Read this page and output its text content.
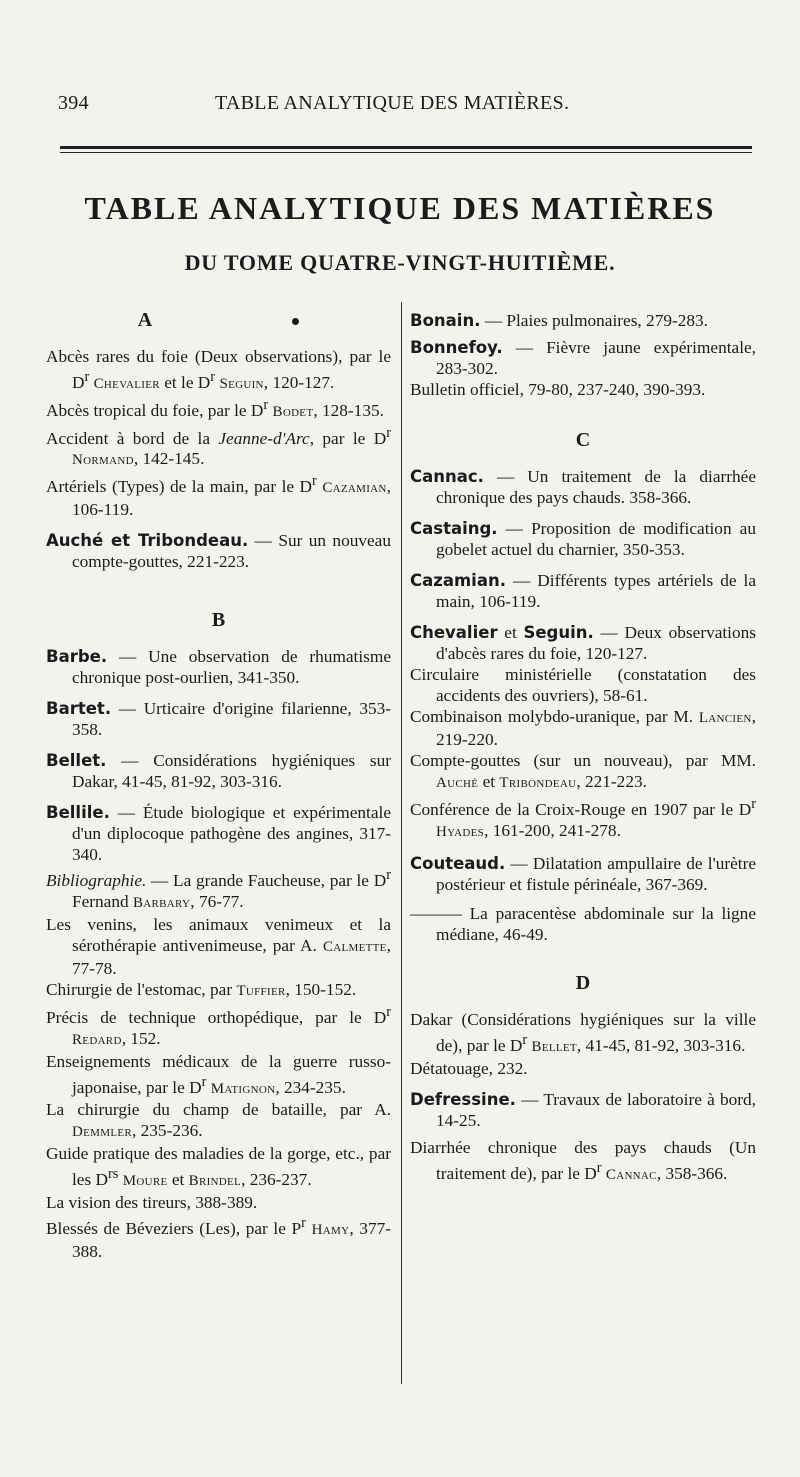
394	TABLE ANALYTIQUE DES MATIÈRES.
TABLE ANALYTIQUE DES MATIÈRES
DU TOME QUATRE-VINGT-HUITIÈME.
A

Abcès rares du foie (Deux observations), par le $D^r$ Chevalier et le $D^r$ Seguin, 120-127.

Abcès tropical du foie, par le $D^r$ Bodet, 128-135.

Accident à bord de la Jeanne-d'Arc, par le $D^r$ Normand, 142-145.

Artériels (Types) de la main, par le $D^r$ Cazamian, 106-119.

Auché et Tribondeau. — Sur un nouveau compte-gouttes, 221-223.

B

Barbe. — Une observation de rhumatisme chronique post-ourlien, 341-350.

Bartet. — Urticaire d'origine filarienne, 353-358.

Bellet. — Considérations hygiéniques sur Dakar, 41-45, 81-92, 303-316.

Bellile. — Étude biologique et expérimentale d'un diplocoque pathogène des angines, 317-340.

Bibliographie. — La grande Faucheuse, par le $D^r$ Fernand Barbary, 76-77.

Les venins, les animaux venimeux et la sérothérapie antivenimeuse, par A. Calmette, 77-78.

Chirurgie de l'estomac, par Tuffier, 150-152.

Précis de technique orthopédique, par le $D^r$ Redard, 152.

Enseignements médicaux de la guerre russo-japonaise, par le $D^r$ Matignon, 234-235.

La chirurgie du champ de bataille, par A. Demmler, 235-236.

Guide pratique des maladies de la gorge, etc., par les $D^{rs}$ Moure et Brindel, 236-237.

La vision des tireurs, 388-389.

Blessés de Béveziers (Les), par le $P^r$ Hamy, 377-388.

Bonain. — Plaies pulmonaires, 279-283.

Bonnefoy. — Fièvre jaune expérimentale, 283-302.

Bulletin officiel, 79-80, 237-240, 390-393.

C

Cannac. — Un traitement de la diarrhée chronique des pays chauds. 358-366.

Castaing. — Proposition de modification au gobelet actuel du charnier, 350-353.

Cazamian. — Différents types artériels de la main, 106-119.

Chevalier et Seguin. — Deux observations d'abcès rares du foie, 120-127.

Circulaire ministérielle (constatation des accidents des ouvriers), 58-61.

Combinaison molybdo-uranique, par M. Lancien, 219-220.

Compte-gouttes (sur un nouveau), par MM. Auché et Tribondeau, 221-223.

Conférence de la Croix-Rouge en 1907 par le $D^r$ Hyades, 161-200, 241-278.

Couteaud. — Dilatation ampullaire de l'urètre postérieur et fistule périnéale, 367-369.

——— La paracentèse abdominale sur la ligne médiane, 46-49.

D

Dakar (Considérations hygiéniques sur la ville de), par le $D^r$ Bellet, 41-45, 81-92, 303-316.

Détatouage, 232.

Defressine. — Travaux de laboratoire à bord, 14-25.

Diarrhée chronique des pays chauds (Un traitement de), par le $D^r$ Cannac, 358-366.
